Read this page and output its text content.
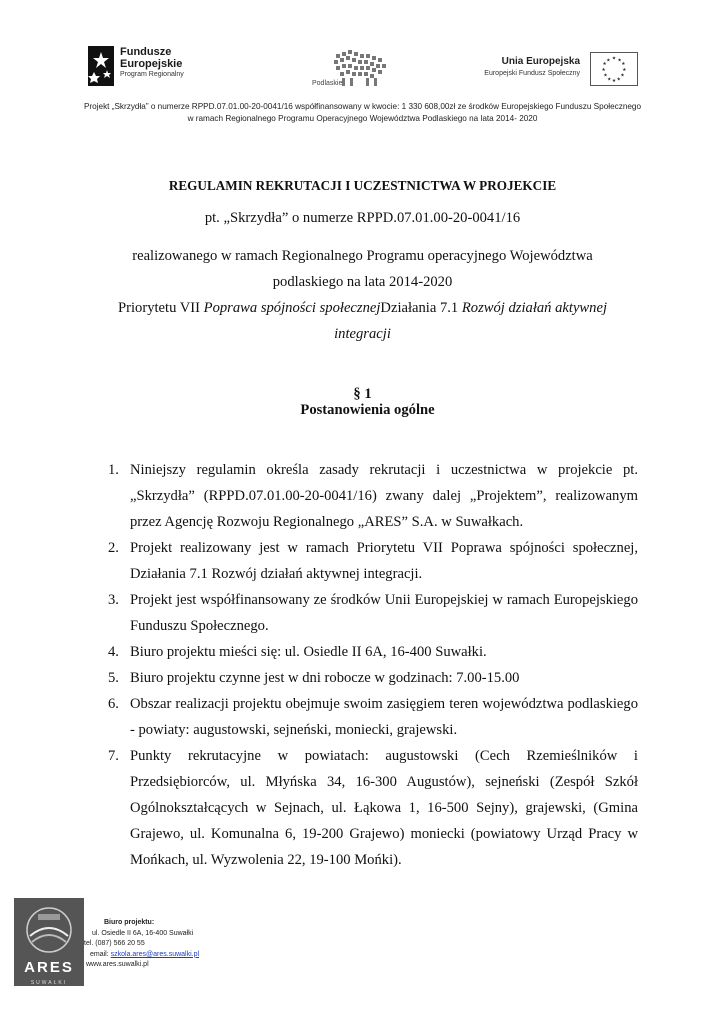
Fundusze
Europejskie
Program Regionalny
Podlaskie
Unia Europejska
Europejski Fundusz Społeczny
★ ★
★
★
★
★
★
★
★
★
★
★
Projekt „Skrzydła” o numerze RPPD.07.01.00-20-0041/16 współfinansowany w kwocie: 1 330 608,00zł ze środków Europejskiego Funduszu Społecznego w ramach Regionalnego Programu Operacyjnego Województwa Podlaskiego na lata 2014- 2020
REGULAMIN REKRUTACJI I UCZESTNICTWA W PROJEKCIE
pt. „Skrzydła” o numerze RPPD.07.01.00-20-0041/16
realizowanego w ramach Regionalnego Programu operacyjnego Województwa
podlaskiego na lata 2014-2020
Priorytetu VII Poprawa spójności społecznejDziałania 7.1 Rozwój działań aktywnej
integracji
§ 1
Postanowienia ogólne
1. Niniejszy regulamin określa zasady rekrutacji i uczestnictwa w projekcie pt. „Skrzydła” (RPPD.07.01.00-20-0041/16) zwany dalej „Projektem”, realizowanym przez Agencję Rozwoju Regionalnego „ARES” S.A. w Suwałkach.
2. Projekt realizowany jest w ramach Priorytetu VII Poprawa spójności społecznej, Działania 7.1 Rozwój działań aktywnej integracji.
3. Projekt jest współfinansowany ze środków Unii Europejskiej w ramach Europejskiego Funduszu Społecznego.
4. Biuro projektu mieści się: ul. Osiedle II 6A, 16-400 Suwałki.
5. Biuro projektu czynne jest w dni robocze w godzinach: 7.00-15.00
6. Obszar realizacji projektu obejmuje swoim zasięgiem teren województwa podlaskiego - powiaty: augustowski, sejneński, moniecki, grajewski.
7. Punkty rekrutacyjne w powiatach: augustowski (Cech Rzemieślników i Przedsiębiorców, ul. Młyńska 34, 16-300 Augustów), sejneński (Zespół Szkół Ogólnokształcących w Sejnach, ul. Łąkowa 1, 16-500 Sejny), grajewski, (Gmina Grajewo, ul. Komunalna 6, 19-200 Grajewo) moniecki (powiatowy Urząd Pracy w Mońkach, ul. Wyzwolenia 22, 19-100 Mońki).
ARES
SUWAŁKI
Biuro projektu:
ul. Osiedle II 6A, 16-400 Suwałki
tel. (087) 566 20 55
email: szkola.ares@ares.suwalki.pl
www.ares.suwalki.pl
